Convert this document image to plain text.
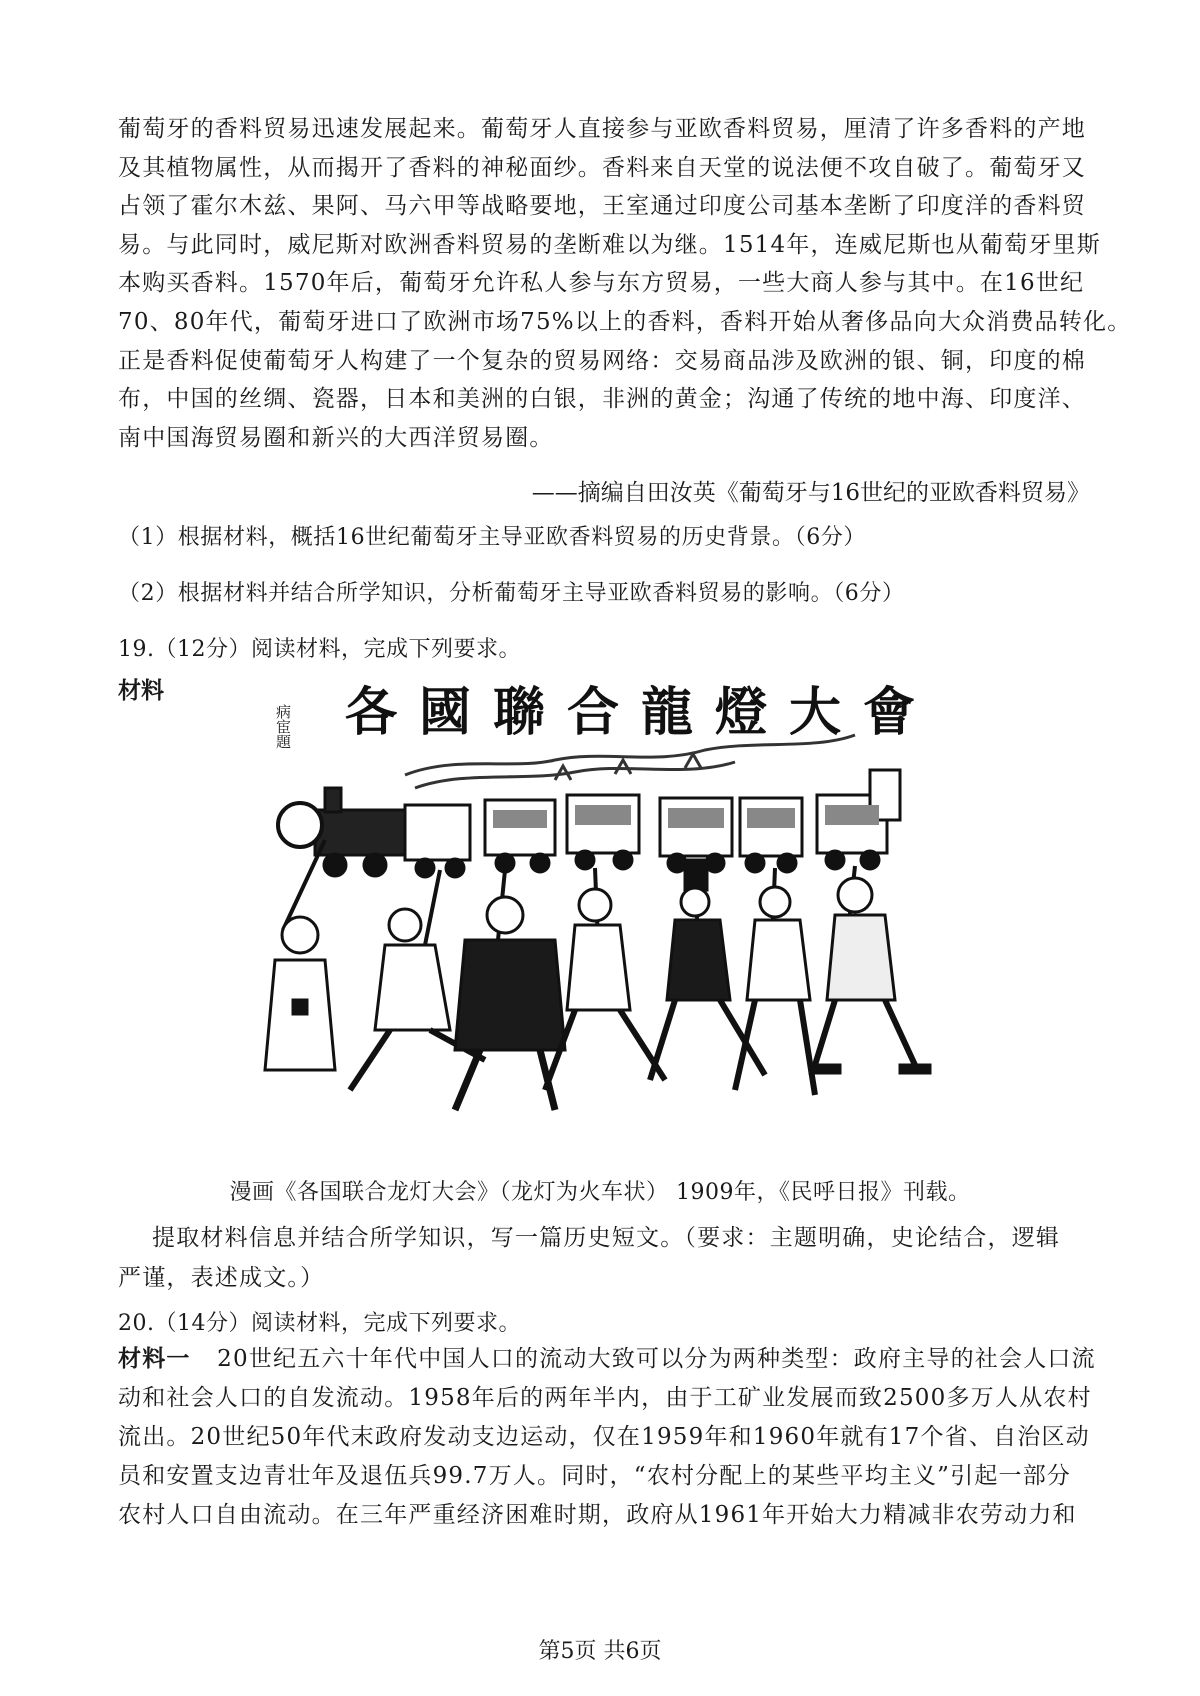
葡萄牙的香料贸易迅速发展起来。葡萄牙人直接参与亚欧香料贸易，厘清了许多香料的产地
及其植物属性，从而揭开了香料的神秘面纱。香料来自天堂的说法便不攻自破了。葡萄牙又
占领了霍尔木兹、果阿、马六甲等战略要地，王室通过印度公司基本垄断了印度洋的香料贸
易。与此同时，威尼斯对欧洲香料贸易的垄断难以为继。1514年，连威尼斯也从葡萄牙里斯
本购买香料。1570年后，葡萄牙允许私人参与东方贸易，一些大商人参与其中。在16世纪
70、80年代，葡萄牙进口了欧洲市场75%以上的香料，香料开始从奢侈品向大众消费品转化。
正是香料促使葡萄牙人构建了一个复杂的贸易网络：交易商品涉及欧洲的银、铜，印度的棉
布，中国的丝绸、瓷器，日本和美洲的白银，非洲的黄金；沟通了传统的地中海、印度洋、
南中国海贸易圈和新兴的大西洋贸易圈。
——摘编自田汝英《葡萄牙与16世纪的亚欧香料贸易》
（1）根据材料，概括16世纪葡萄牙主导亚欧香料贸易的历史背景。（6分）
（2）根据材料并结合所学知识，分析葡萄牙主导亚欧香料贸易的影响。（6分）
19.（12分）阅读材料，完成下列要求。
材料	各國聯合龍燈大會
病宦題
漫画《各国联合龙灯大会》（龙灯为火车状） 1909年，《民呼日报》刊载。
提取材料信息并结合所学知识，写一篇历史短文。（要求：主题明确，史论结合，逻辑
严谨，表述成文。）
20.（14分）阅读材料，完成下列要求。
材料一 20世纪五六十年代中国人口的流动大致可以分为两种类型：政府主导的社会人口流
动和社会人口的自发流动。1958年后的两年半内，由于工矿业发展而致2500多万人从农村
流出。20世纪50年代末政府发动支边运动，仅在1959年和1960年就有17个省、自治区动
员和安置支边青壮年及退伍兵99.7万人。同时，“农村分配上的某些平均主义”引起一部分
农村人口自由流动。在三年严重经济困难时期，政府从1961年开始大力精减非农劳动力和
第5页 共6页
